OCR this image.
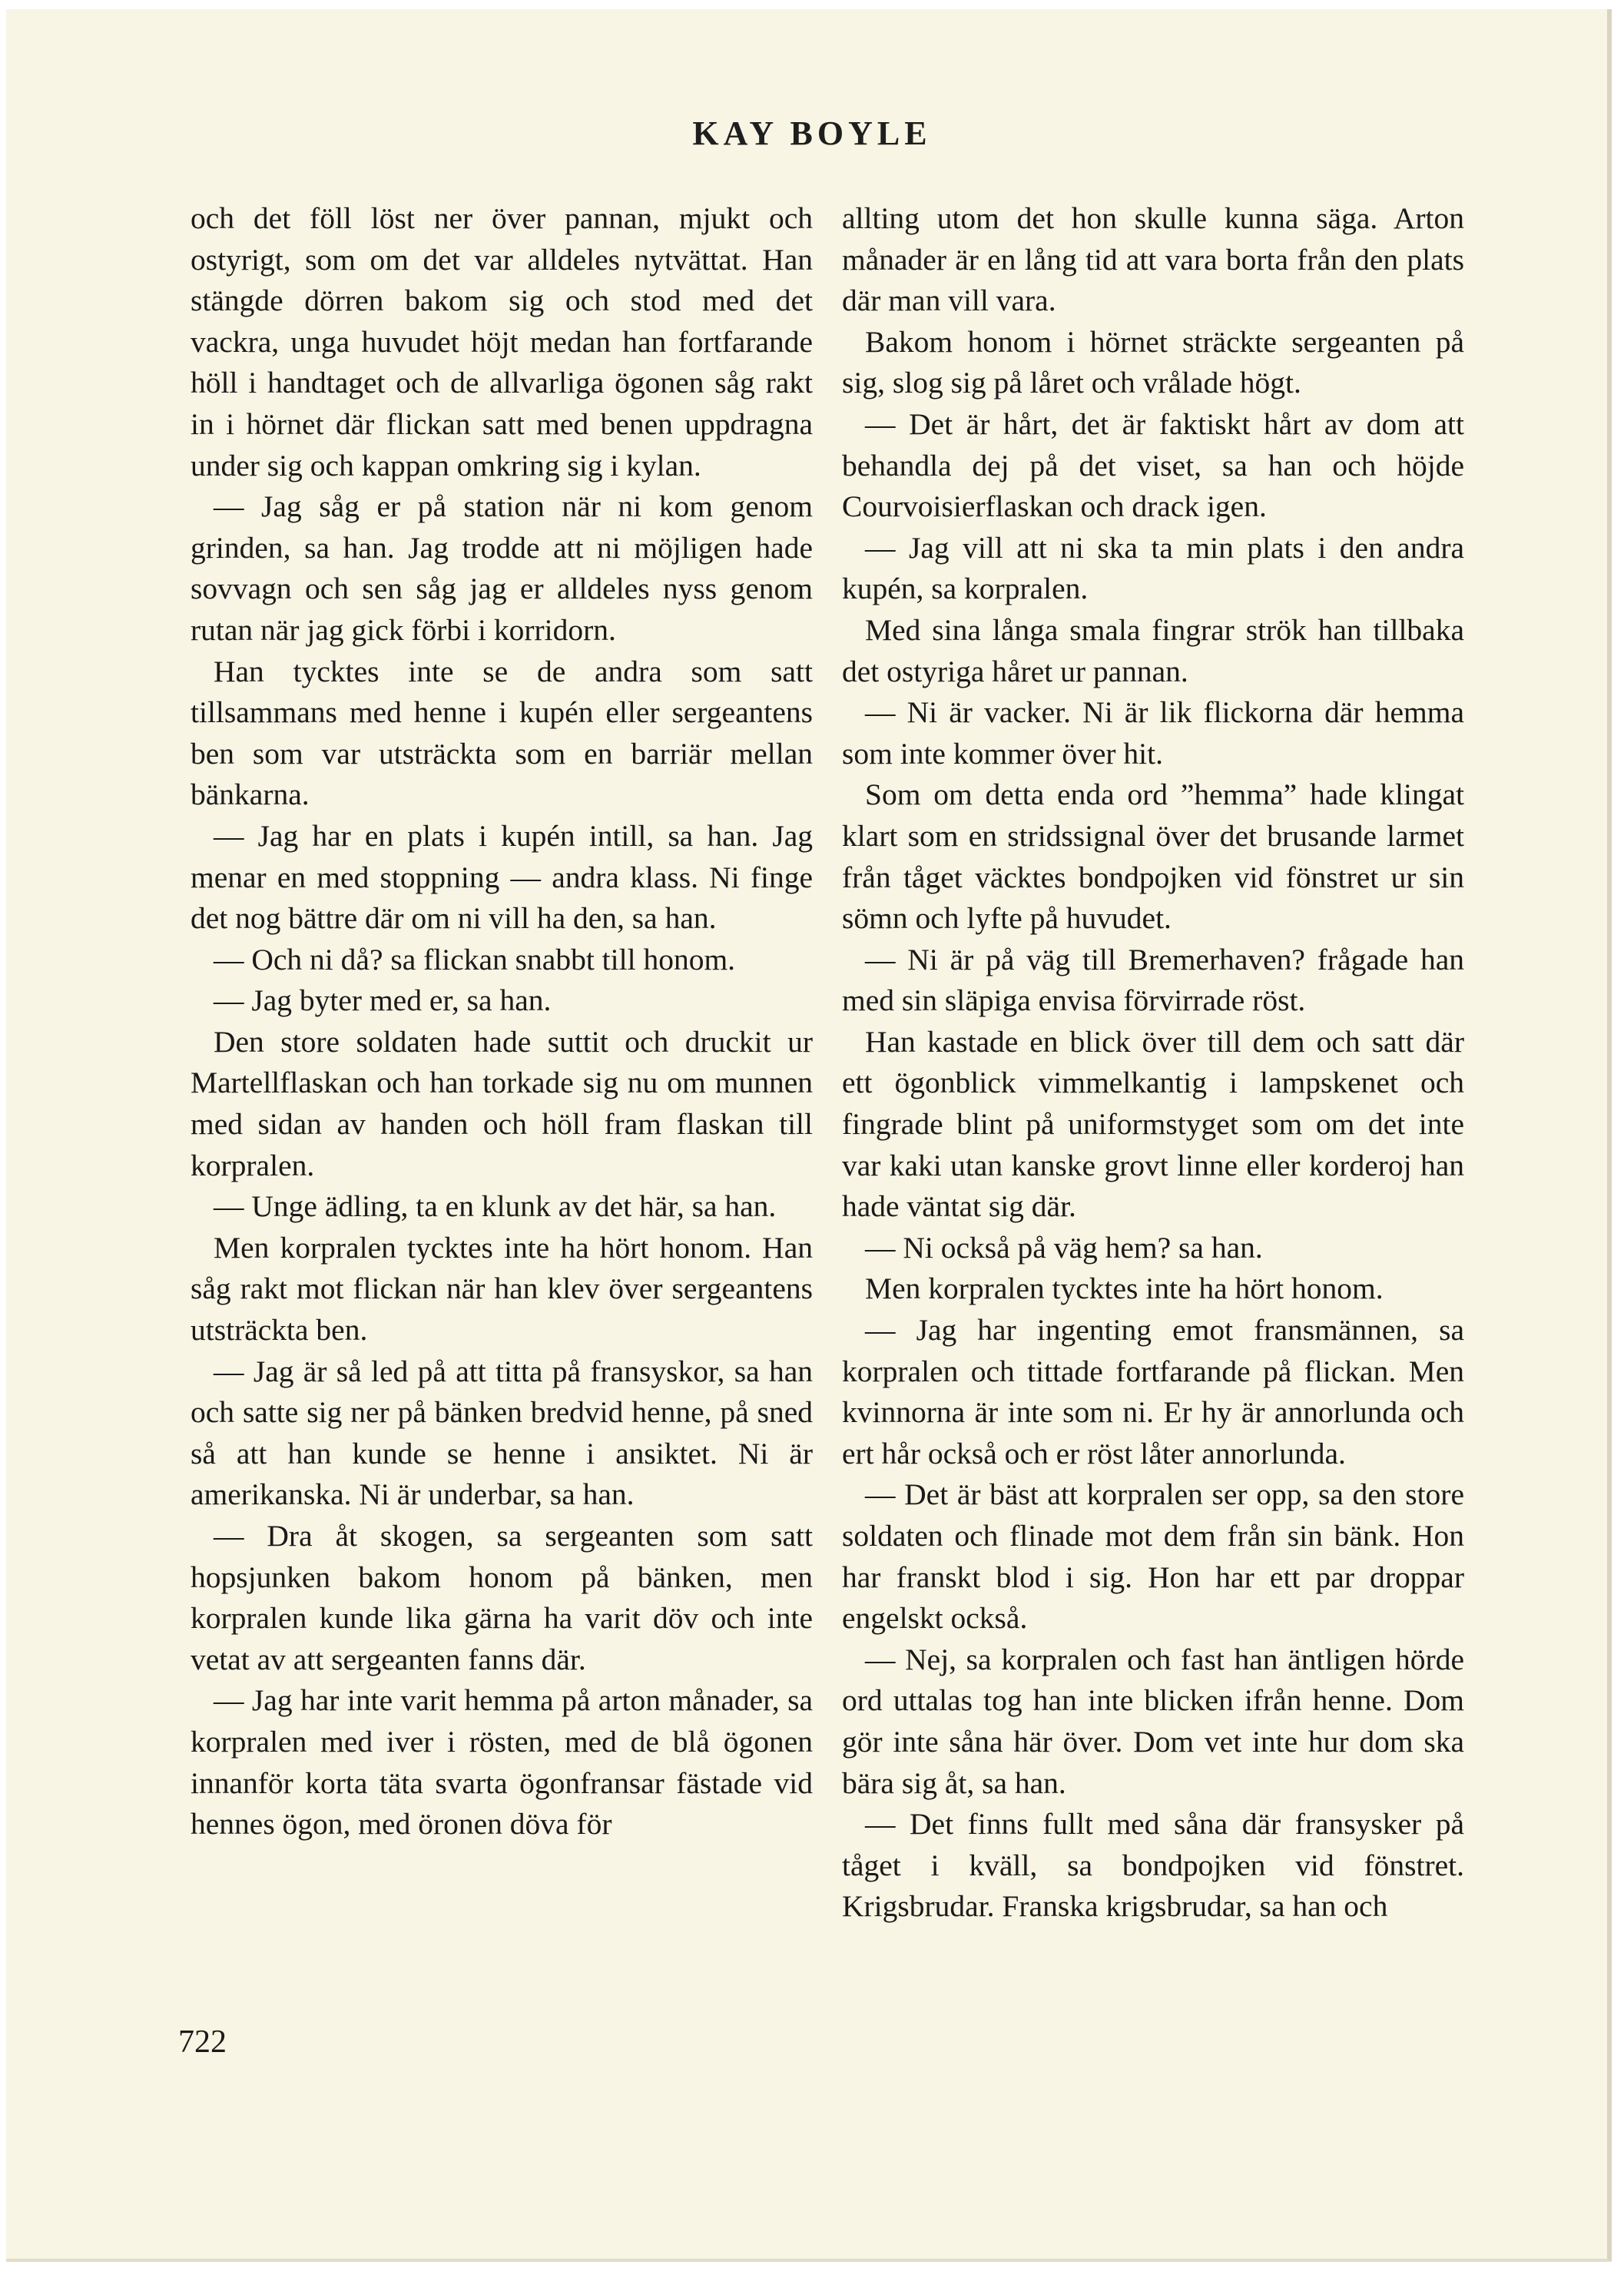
KAY BOYLE

och det föll löst ner över pannan, mjukt och ostyrigt, som om det var alldeles nytvättat. Han stängde dörren bakom sig och stod med det vackra, unga huvudet höjt medan han fortfarande höll i handtaget och de allvarliga ögonen såg rakt in i hörnet där flickan satt med benen uppdragna under sig och kappan omkring sig i kylan.

— Jag såg er på station när ni kom genom grinden, sa han. Jag trodde att ni möjligen hade sovvagn och sen såg jag er alldeles nyss genom rutan när jag gick förbi i korridorn.

Han tycktes inte se de andra som satt tillsammans med henne i kupén eller sergeantens ben som var utsträckta som en barriär mellan bänkarna.

— Jag har en plats i kupén intill, sa han. Jag menar en med stoppning — andra klass. Ni finge det nog bättre där om ni vill ha den, sa han.

— Och ni då? sa flickan snabbt till honom.

— Jag byter med er, sa han.

Den store soldaten hade suttit och druckit ur Martellflaskan och han torkade sig nu om munnen med sidan av handen och höll fram flaskan till korpralen.

— Unge ädling, ta en klunk av det här, sa han.

Men korpralen tycktes inte ha hört honom. Han såg rakt mot flickan när han klev över sergeantens utsträckta ben.

— Jag är så led på att titta på fransyskor, sa han och satte sig ner på bänken bredvid henne, på sned så att han kunde se henne i ansiktet. Ni är amerikanska. Ni är underbar, sa han.

— Dra åt skogen, sa sergeanten som satt hopsjunken bakom honom på bänken, men korpralen kunde lika gärna ha varit döv och inte vetat av att sergeanten fanns där.

— Jag har inte varit hemma på arton månader, sa korpralen med iver i rösten, med de blå ögonen innanför korta täta svarta ögonfransar fästade vid hennes ögon, med öronen döva för

allting utom det hon skulle kunna säga. Arton månader är en lång tid att vara borta från den plats där man vill vara.

Bakom honom i hörnet sträckte sergeanten på sig, slog sig på låret och vrålade högt.

— Det är hårt, det är faktiskt hårt av dom att behandla dej på det viset, sa han och höjde Courvoisierflaskan och drack igen.

— Jag vill att ni ska ta min plats i den andra kupén, sa korpralen.

Med sina långa smala fingrar strök han tillbaka det ostyriga håret ur pannan.

— Ni är vacker. Ni är lik flickorna där hemma som inte kommer över hit.

Som om detta enda ord ”hemma” hade klingat klart som en stridssignal över det brusande larmet från tåget väcktes bondpojken vid fönstret ur sin sömn och lyfte på huvudet.

— Ni är på väg till Bremerhaven? frågade han med sin släpiga envisa förvirrade röst.

Han kastade en blick över till dem och satt där ett ögonblick vimmelkantig i lampskenet och fingrade blint på uniformstyget som om det inte var kaki utan kanske grovt linne eller korderoj han hade väntat sig där.

— Ni också på väg hem? sa han.

Men korpralen tycktes inte ha hört honom.

— Jag har ingenting emot fransmännen, sa korpralen och tittade fortfarande på flickan. Men kvinnorna är inte som ni. Er hy är annorlunda och ert hår också och er röst låter annorlunda.

— Det är bäst att korpralen ser opp, sa den store soldaten och flinade mot dem från sin bänk. Hon har franskt blod i sig. Hon har ett par droppar engelskt också.

— Nej, sa korpralen och fast han äntligen hörde ord uttalas tog han inte blicken ifrån henne. Dom gör inte såna här över. Dom vet inte hur dom ska bära sig åt, sa han.

— Det finns fullt med såna där fransysker på tåget i kväll, sa bondpojken vid fönstret. Krigsbrudar. Franska krigsbrudar, sa han och

722
